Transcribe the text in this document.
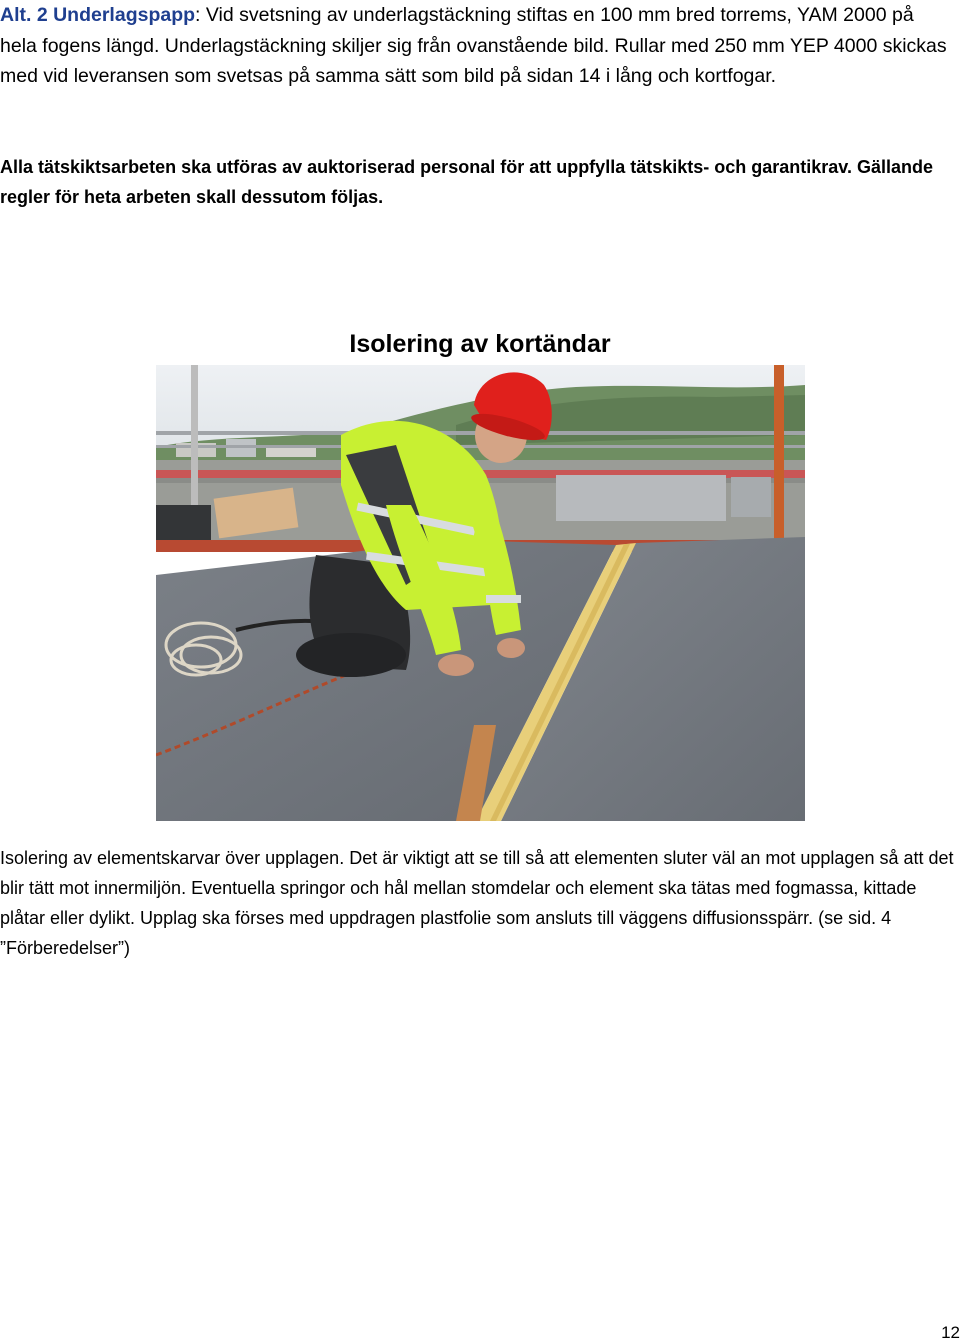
Alt. 2 Underlagspapp: Vid svetsning av underlagstäckning stiftas en 100 mm bred torrems, YAM 2000 på hela fogens längd. Underlagstäckning skiljer sig från ovanstående bild. Rullar med 250 mm YEP 4000 skickas med vid leveransen som svetsas på samma sätt som bild på sidan 14 i lång och kortfogar.
Alla tätskiktsarbeten ska utföras av auktoriserad personal för att uppfylla tätskikts- och garantikrav. Gällande regler för heta arbeten skall dessutom följas.
Isolering av kortändar
Isolering av elementskarvar över upplagen. Det är viktigt att se till så att elementen sluter väl an mot upplagen så att det blir tätt mot innermiljön. Eventuella springor och hål mellan stomdelar och element ska tätas med fogmassa, kittade plåtar eller dylikt. Upplag ska förses med uppdragen plastfolie som ansluts till väggens diffusionsspärr. (se sid. 4 ”Förberedelser”)
12
